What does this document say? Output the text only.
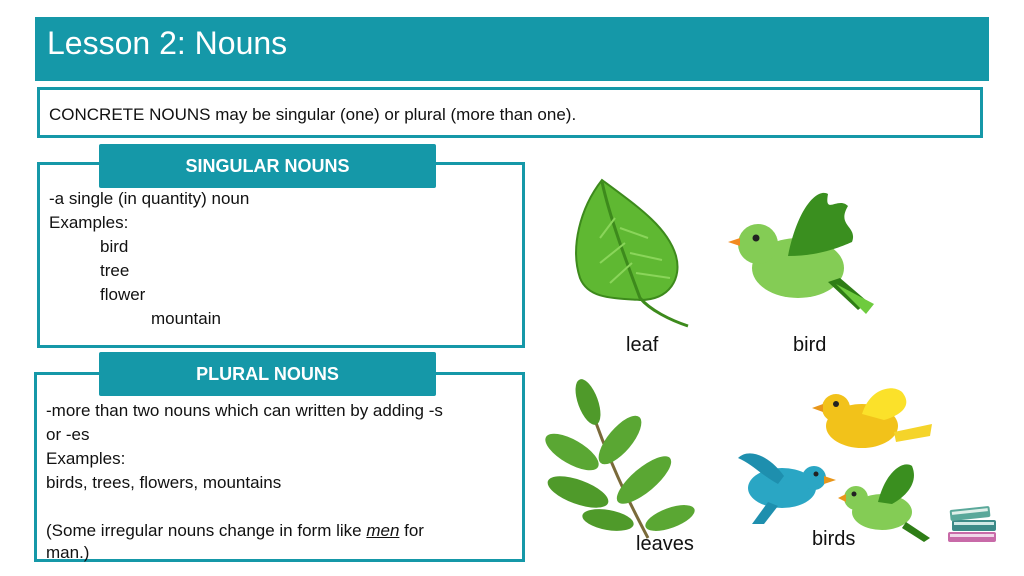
Lesson 2: Nouns
CONCRETE NOUNS may be singular (one) or plural (more than one).
-a single (in quantity) noun
Examples:
bird
tree
flower
mountain
SINGULAR NOUNS
-more than two nouns which can written by adding -s
or -es
Examples:
birds, trees, flowers, mountains
(Some irregular nouns change in form like men for
man.)
PLURAL NOUNS
leaf	bird
leaves	birds
